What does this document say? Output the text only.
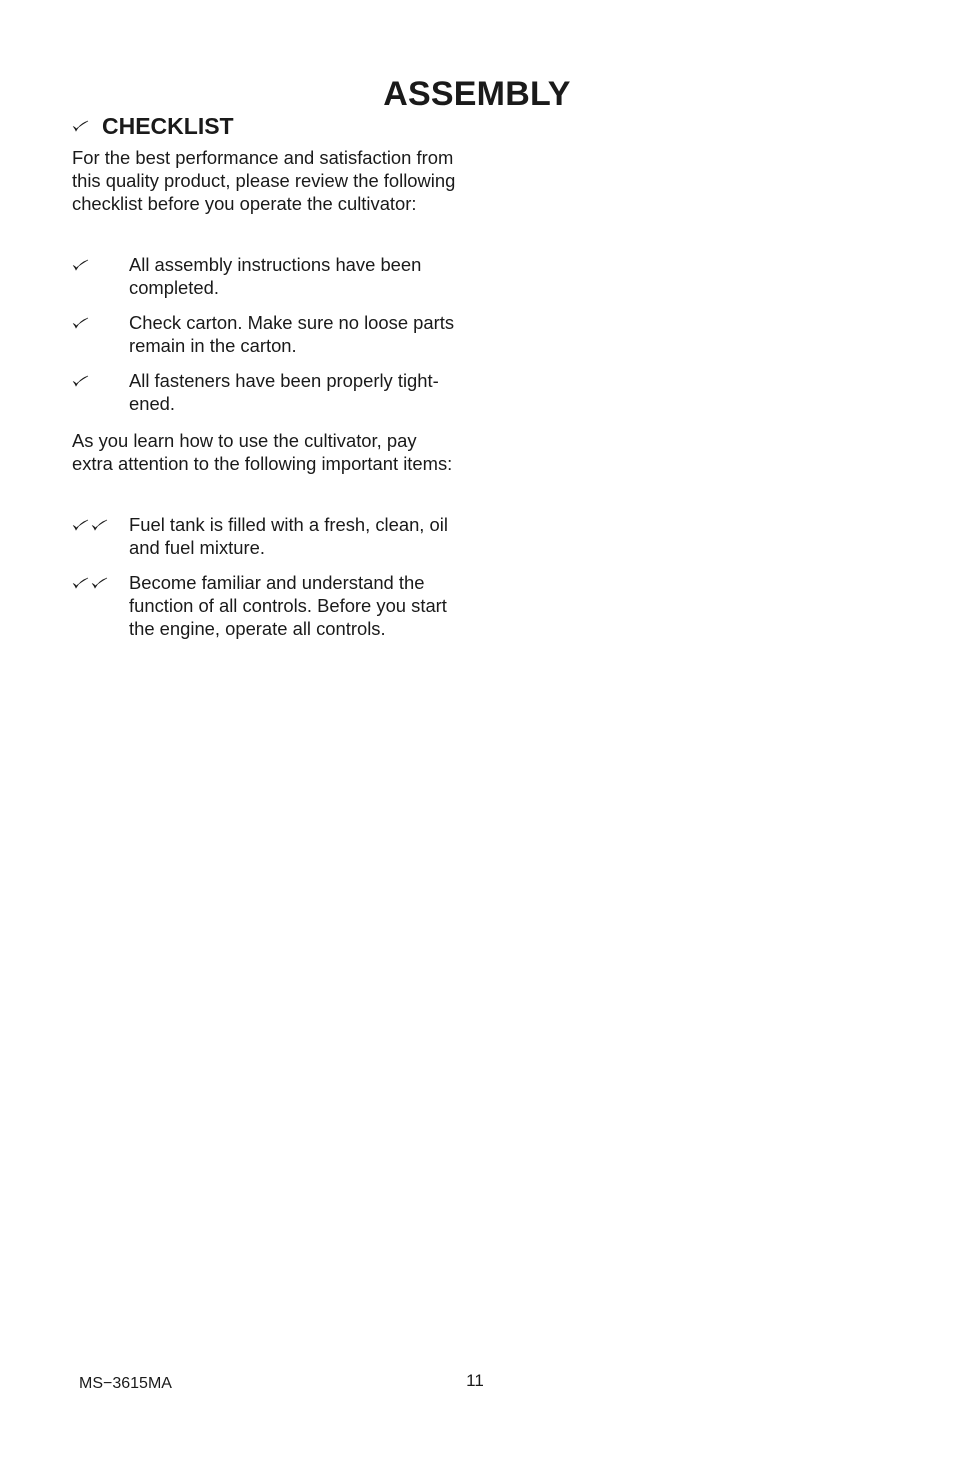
ASSEMBLY
CHECKLIST

For the best performance and satisfaction from this quality product, please review the following checklist before you operate the cultivator:

All assembly instructions have been completed.
Check carton. Make sure no loose parts remain in the carton.
All fasteners have been properly tight-ened.

As you learn how to use the cultivator, pay extra attention to the following important items:

Fuel tank is filled with a fresh, clean, oil and fuel mixture.
Become familiar and understand the function of all controls. Before you start the engine, operate all controls.
MS−3615MA	11
